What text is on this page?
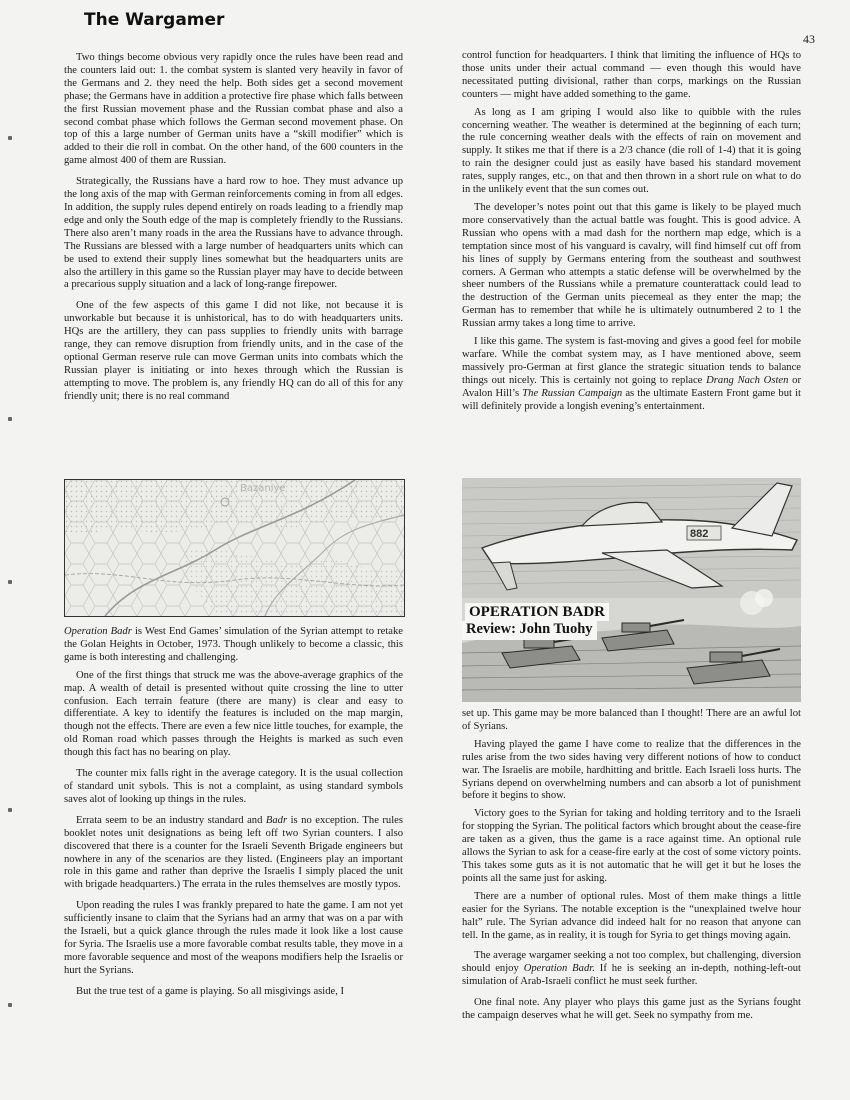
The Wargamer
43

Two things become obvious very rapidly once the rules have been read and the counters laid out: 1. the combat system is slanted very heavily in favor of the Germans and 2. they need the help. Both sides get a second movement phase; the Germans have in addition a protective fire phase which falls between the first Russian movement phase and the Russian combat phase and also a second combat phase which follows the German second movement phase. On top of this a large number of German units have a “skill modifier” which is added to their die roll in combat. On the other hand, of the 600 counters in the game almost 400 of them are Russian.

Strategically, the Russians have a hard row to hoe. They must advance up the long axis of the map with German reinforcements coming in from all edges. In addition, the supply rules depend entirely on roads leading to a friendly map edge and only the South edge of the map is completely friendly to the Russians. There also aren’t many roads in the area the Russians have to advance through. The Russians are blessed with a large number of headquarters units which can be used to extend their supply lines somewhat but the headquarters units are also the artillery in this game so the Russian player may have to decide between a precarious supply situation and a lack of long-range firepower.

One of the few aspects of this game I did not like, not because it is unworkable but because it is unhistorical, has to do with headquarters units. HQs are the artillery, they can pass supplies to friendly units with barrage range, they can remove disruption from friendly units, and in the case of the optional German reserve rule can move German units into combats which the Russian player is initiating or into hexes through which the Russian is attempting to move. The problem is, any friendly HQ can do all of this for any friendly unit; there is no real command

Bazaniye

Operation Badr is West End Games’ simulation of the Syrian attempt to retake the Golan Heights in October, 1973. Though unlikely to become a classic, this game is both interesting and challenging.

One of the first things that struck me was the above-average graphics of the map. A wealth of detail is presented without quite crossing the line to utter confusion. Each terrain feature (there are many) is clear and easy to differentiate. A key to identify the features is included on the map margin, though not the effects. There are even a few nice little touches, for example, the old Roman road which passes through the Heights is marked as such even though this fact has no bearing on play.

The counter mix falls right in the average category. It is the usual collection of standard unit sybols. This is not a complaint, as using standard symbols saves alot of looking up things in the rules.

Errata seem to be an industry standard and Badr is no exception. The rules booklet notes unit designations as being left off two Syrian counters. I also discovered that there is a counter for the Israeli Seventh Brigade engineers but nowhere in any of the scenarios are they listed. (Engineers play an important role in this game and rather than deprive the Israelis I simply placed the unit with brigade headquarters.) The errata in the rules themselves are mostly typos.

Upon reading the rules I was frankly prepared to hate the game. I am not yet sufficiently insane to claim that the Syrians had an army that was on a par with the Israeli, but a quick glance through the rules made it look like a lost cause for Syria. The Israelis use a more favorable combat results table, they move in a more favorable sequence and most of the weapons modifiers help the Israelis or hurt the Syrians.

But the true test of a game is playing. So all misgivings aside, I

control function for headquarters. I think that limiting the influence of HQs to those units under their actual command — even though this would have necessitated putting divisional, rather than corps, markings on the Russian counters — might have added something to the game.

As long as I am griping I would also like to quibble with the rules concerning weather. The weather is determined at the beginning of each turn; the rule concerning weather deals with the effects of rain on movement and supply. It stikes me that if there is a 2/3 chance (die roll of 1-4) that it is going to rain the designer could just as easily have based his standard movement rates, supply ranges, etc., on that and then thrown in a short rule on what to do in the unlikely event that the sun comes out.

The developer’s notes point out that this game is likely to be played much more conservatively than the actual battle was fought. This is good advice. A Russian who opens with a mad dash for the northern map edge, which is a temptation since most of his vanguard is cavalry, will find himself cut off from his lines of supply by Germans entering from the southeast and southwest corners. A German who attempts a static defense will be overwhelmed by the sheer numbers of the Russians while a premature counterattack could lead to the destruction of the German units piecemeal as they enter the map; the German has to remember that while he is ultimately outnumbered 2 to 1 the Russian army takes a long time to arrive.

I like this game. The system is fast-moving and gives a good feel for mobile warfare. While the combat system may, as I have mentioned above, seem massively pro-German at first glance the strategic situation tends to balance things out nicely. This is certainly not going to replace Drang Nach Osten or Avalon Hill’s The Russian Campaign as the ultimate Eastern Front game but it will definitely provide a longish evening’s entertainment.

882
OPERATION BADR
Review: John Tuohy

set up. This game may be more balanced than I thought! There are an awful lot of Syrians.

Having played the game I have come to realize that the differences in the rules arise from the two sides having very different notions of how to conduct war. The Israelis are mobile, hardhitting and brittle. Each Israeli loss hurts. The Syrians depend on overwhelming numbers and can absorb a lot of punishment before it begins to show.

Victory goes to the Syrian for taking and holding territory and to the Israeli for stopping the Syrian. The political factors which brought about the cease-fire are taken as a given, thus the game is a race against time. An optional rule allows the Syrian to ask for a cease-fire early at the cost of some victory points. This takes some guts as it is not automatic that he will get it but he loses the points all the same just for asking.

There are a number of optional rules. Most of them make things a little easier for the Syrians. The notable exception is the “unexplained twelve hour halt” rule. The Syrian advance did indeed halt for no reason that anyone can tell. In the game, as in reality, it is tough for Syria to get things moving again.

The average wargamer seeking a not too complex, but challenging, diversion should enjoy Operation Badr. If he is seeking an in-depth, nothing-left-out simulation of Arab-Israeli conflict he must seek further.

One final note. Any player who plays this game just as the Syrians fought the campaign deserves what he will get. Seek no sympathy from me.
